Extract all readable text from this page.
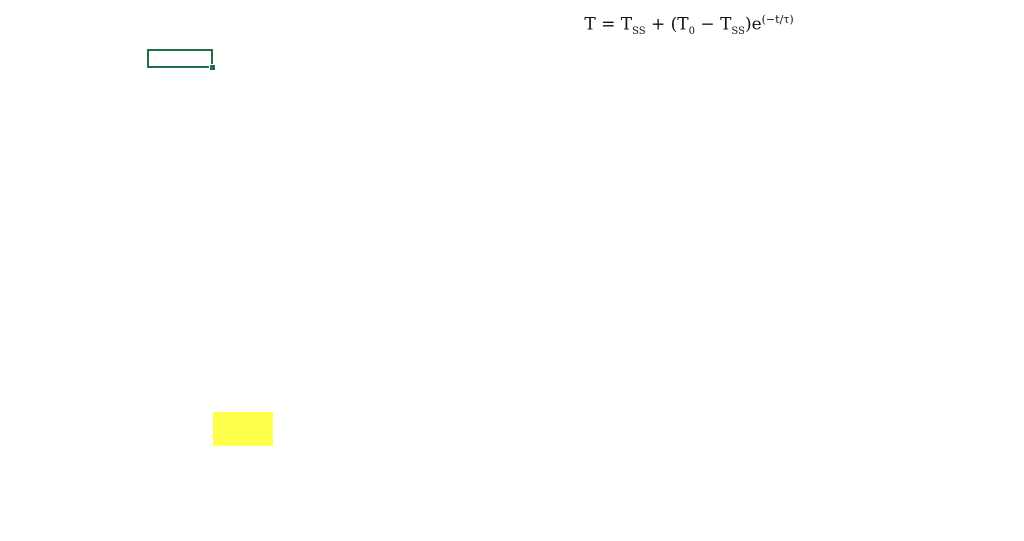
$T = T_{SS} + (T_0 - T_{SS})e^{(-t/\tau)}$
